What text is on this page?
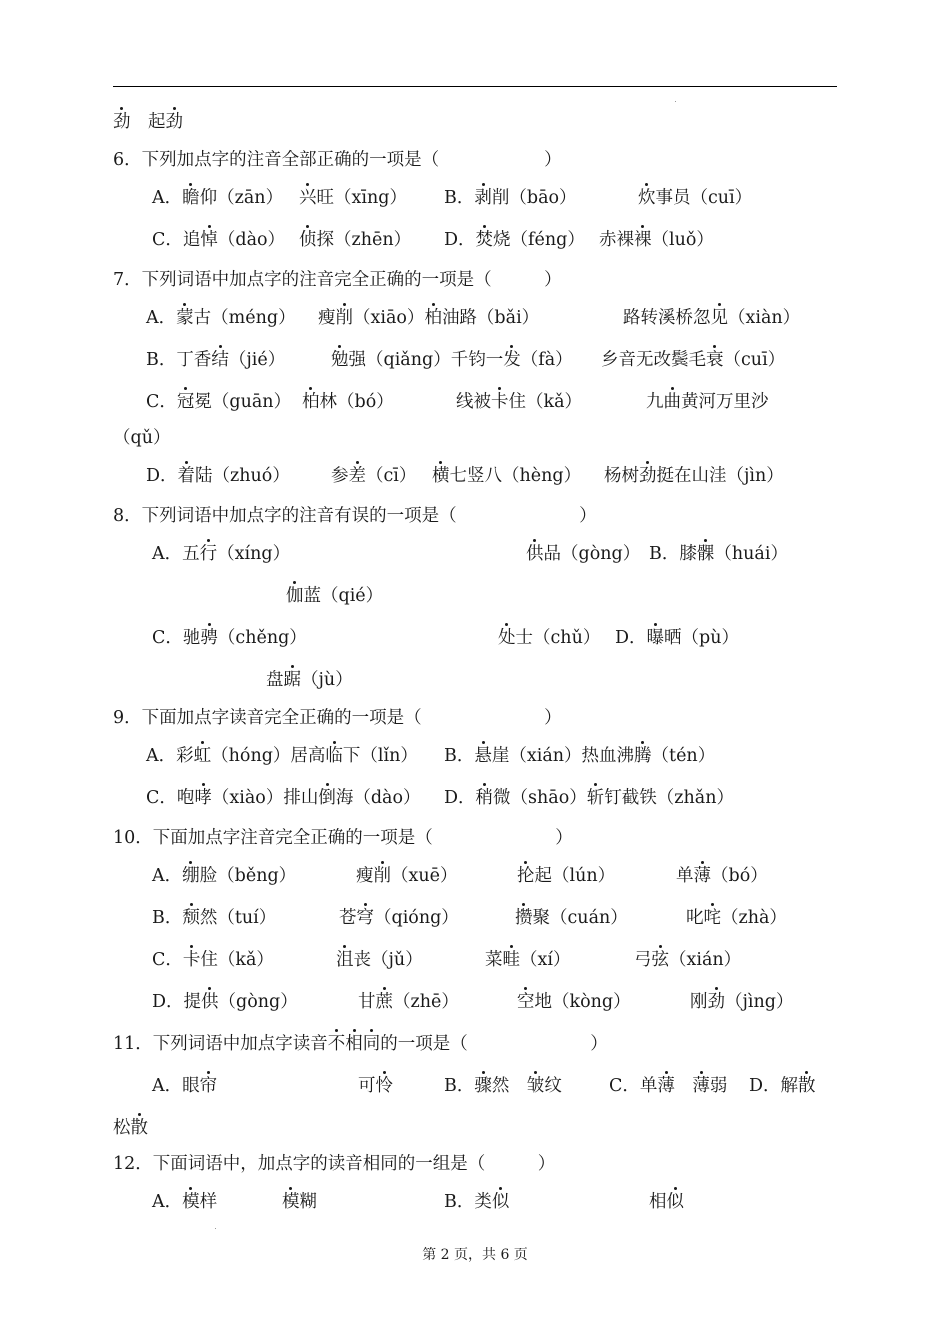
劲　起劲
6．下列加点字的注音全部正确的一项是（　　　　　　）
A．瞻仰（zān） 兴旺（xīng） B．剥削（bāo）	炊事员（cuī）
C．追悼（dào） 侦探（zhēn） D．焚烧（féng） 赤裸裸（luǒ）
7．下列词语中加点字的注音完全正确的一项是（　　　）
A．蒙古（méng） 瘦削（xiāo）柏油路（bǎi）	路转溪桥忽见（xiàn）
B．丁香结（jié）	勉强（qiǎng）千钧一发（fà） 乡音无改鬓毛衰（cuī）
C．冠冕（guān） 柏林（bó）	线被卡住（kǎ）	九曲黄河万里沙
（qǔ）
D．着陆（zhuó） 参差（cī） 横七竖八（hèng） 杨树劲挺在山洼（jìn）
8．下列词语中加点字的注音有误的一项是（　　　　　　　）
A．五行（xíng）	供品（gòng） B．膝髁（huái）
伽蓝（qié）
C．驰骋（chěng）	处士（chǔ） D．曝晒（pù）
盘踞（jù）
9．下面加点字读音完全正确的一项是（　　　　　　　）
A．彩虹（hóng）居高临下（lǐn） B．悬崖（xián）热血沸腾（tén）
C．咆哮（xiào）排山倒海（dào） D．稍微（shāo）斩钉截铁（zhǎn）
10．下面加点字注音完全正确的一项是（　　　　　　　）
A．绷脸（běng）	瘦削（xuē）	抡起（lún）	单薄（bó）
B．颓然（tuí）	苍穹（qióng）	攒聚（cuán）	叱咤（zhà）
C．卡住（kǎ）	沮丧（jǔ）	菜畦（xí）	弓弦（xián）
D．提供（gòng）	甘蔗（zhē）	空地（kòng）	刚劲（jìng）
11．下列词语中加点字读音不相同的一项是（　　　　　　　）
A．眼帘	可怜	B．骤然　皱纹	C．单薄　 薄弱 D．解散
松散
12．下面词语中，加点字的读音相同的一组是（　　　）
A．模样	模糊	B．类似	相似
第 2 页，共 6 页
